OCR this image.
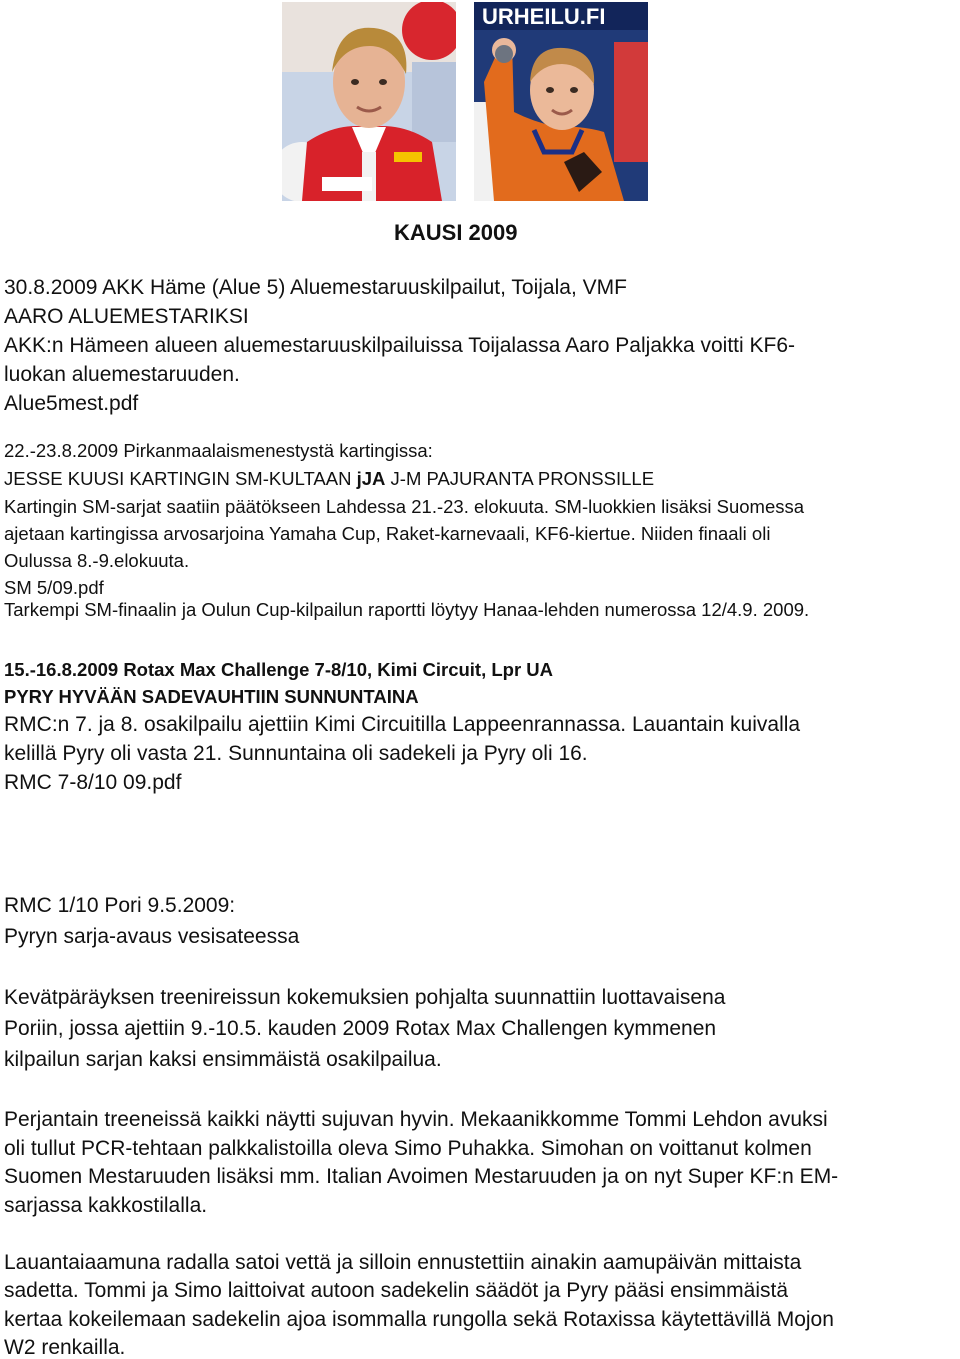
URHEILU.FI
KAUSI 2009
30.8.2009 AKK Häme (Alue 5) Aluemestaruuskilpailut, Toijala, VMF
AARO ALUEMESTARIKSI
AKK:n Hämeen alueen aluemestaruuskilpailuissa Toijalassa Aaro Paljakka voitti KF6-
luokan aluemestaruuden.
Alue5mest.pdf
22.-23.8.2009 Pirkanmaalaismenestystä kartingissa:
JESSE KUUSI KARTINGIN SM-KULTAAN jJA J-M PAJURANTA PRONSSILLE
Kartingin SM-sarjat saatiin päätökseen Lahdessa 21.-23. elokuuta. SM-luokkien lisäksi Suomessa
ajetaan kartingissa arvosarjoina Yamaha Cup, Raket-karnevaali, KF6-kiertue. Niiden finaali oli
Oulussa 8.-9.elokuuta.
SM 5/09.pdf
Tarkempi SM-finaalin ja Oulun Cup-kilpailun raportti löytyy Hanaa-lehden numerossa 12/4.9. 2009.
15.-16.8.2009 Rotax Max Challenge 7-8/10, Kimi Circuit, Lpr UA
PYRY HYVÄÄN SADEVAUHTIIN SUNNUNTAINA
RMC:n 7. ja 8. osakilpailu ajettiin Kimi Circuitilla Lappeenrannassa. Lauantain kuivalla
kelillä Pyry oli vasta 21. Sunnuntaina oli sadekeli ja Pyry oli 16.
RMC 7-8/10 09.pdf
RMC 1/10 Pori 9.5.2009:
Pyryn sarja-avaus vesisateessa
Kevätpäräyksen treenireissun kokemuksien pohjalta suunnattiin luottavaisena
Poriin, jossa ajettiin 9.-10.5. kauden 2009 Rotax Max Challengen kymmenen
kilpailun sarjan kaksi ensimmäistä osakilpailua.
Perjantain treeneissä kaikki näytti sujuvan hyvin. Mekaanikkomme Tommi Lehdon avuksi
oli tullut PCR-tehtaan palkkalistoilla oleva Simo Puhakka. Simohan on voittanut kolmen
Suomen Mestaruuden lisäksi mm. Italian Avoimen Mestaruuden ja on nyt Super KF:n EM-
sarjassa kakkostilalla.
Lauantaiaamuna radalla satoi vettä ja silloin ennustettiin ainakin aamupäivän mittaista
sadetta. Tommi ja Simo laittoivat autoon sadekelin säädöt ja Pyry pääsi ensimmäistä
kertaa kokeilemaan sadekelin ajoa isommalla rungolla sekä Rotaxissa käytettävillä Mojon
W2 renkailla.
